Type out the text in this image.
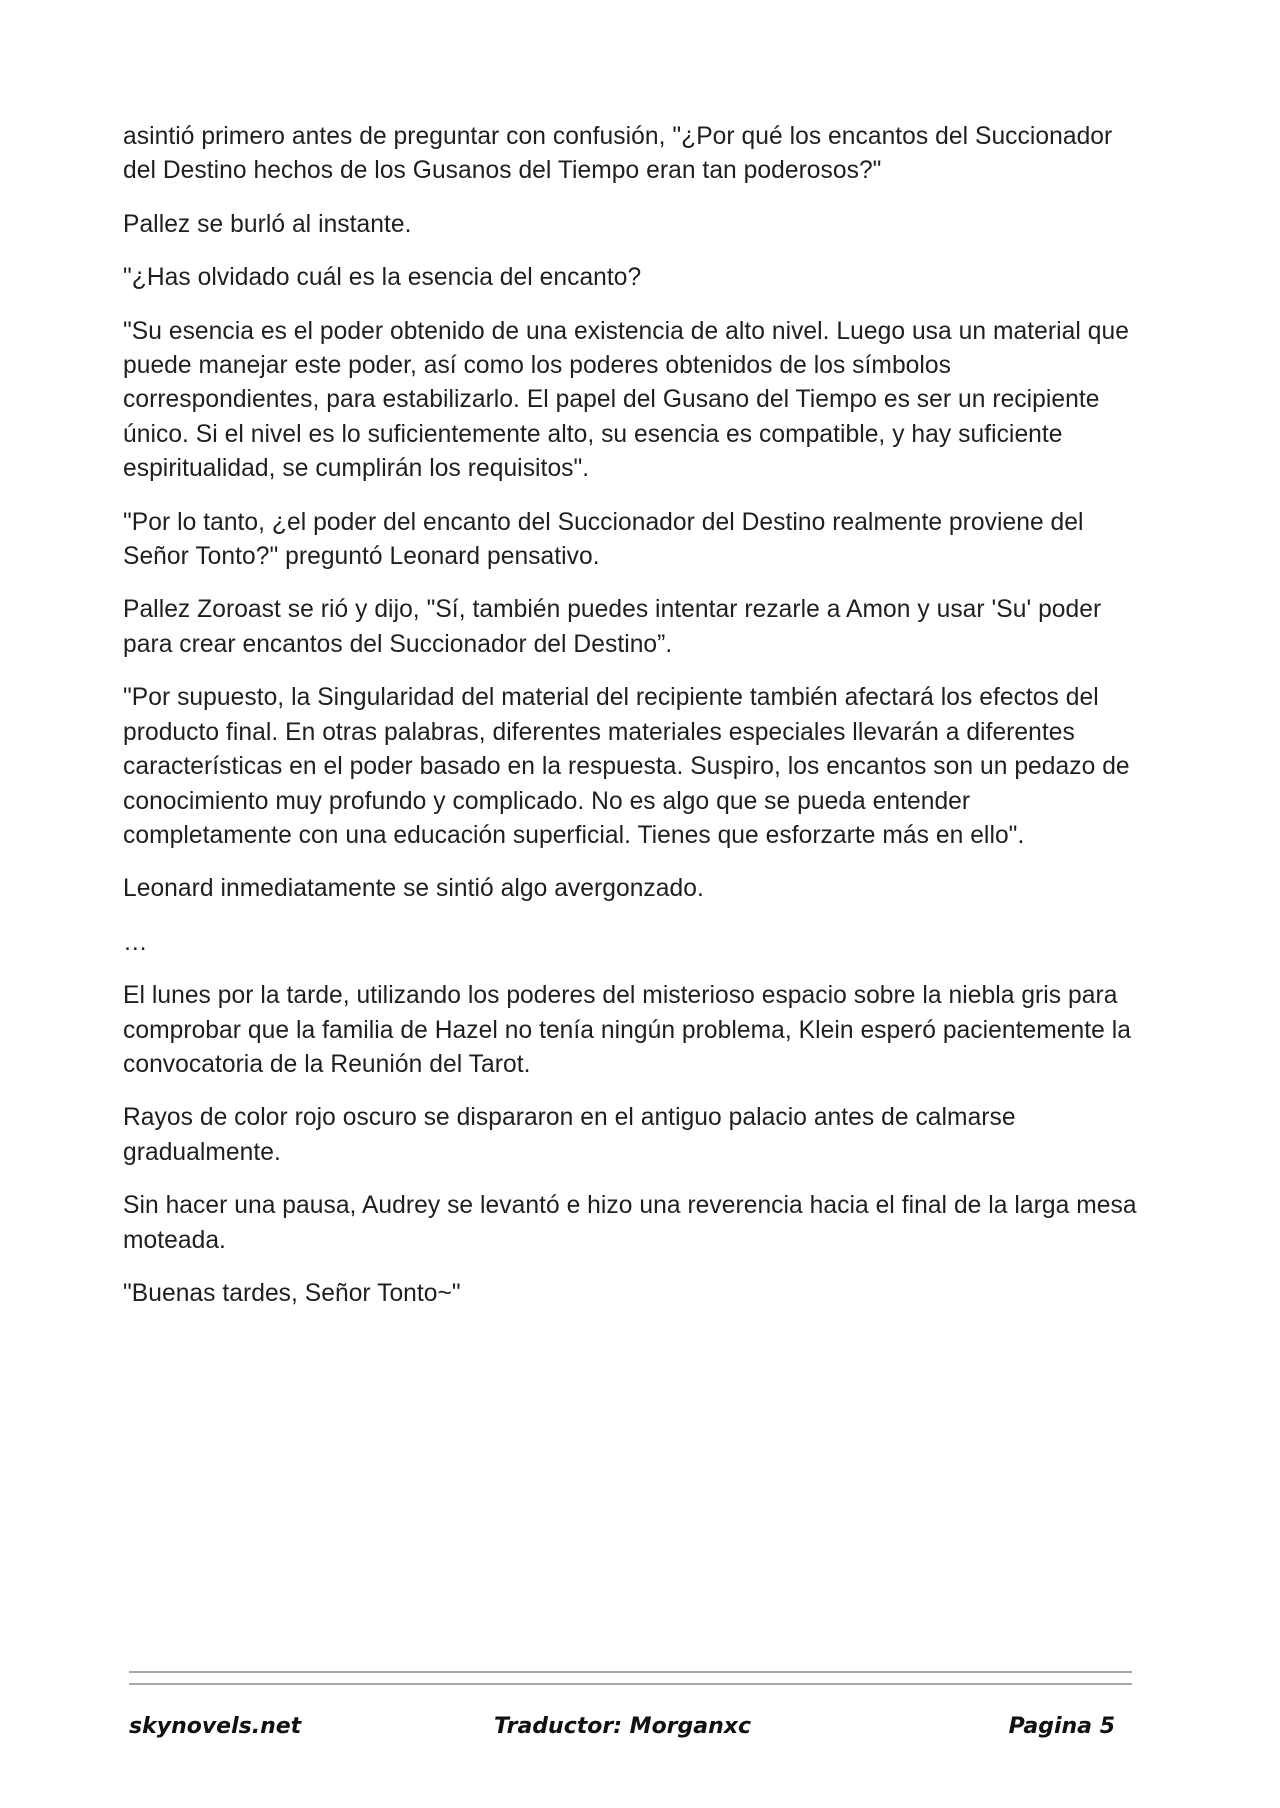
asintió primero antes de preguntar con confusión, "¿Por qué los encantos del Succionador del Destino hechos de los Gusanos del Tiempo eran tan poderosos?"

Pallez se burló al instante.

"¿Has olvidado cuál es la esencia del encanto?

"Su esencia es el poder obtenido de una existencia de alto nivel. Luego usa un material que puede manejar este poder, así como los poderes obtenidos de los símbolos correspondientes, para estabilizarlo. El papel del Gusano del Tiempo es ser un recipiente único. Si el nivel es lo suficientemente alto, su esencia es compatible, y hay suficiente espiritualidad, se cumplirán los requisitos".

"Por lo tanto, ¿el poder del encanto del Succionador del Destino realmente proviene del Señor Tonto?" preguntó Leonard pensativo.

Pallez Zoroast se rió y dijo, "Sí, también puedes intentar rezarle a Amon y usar 'Su' poder para crear encantos del Succionador del Destino”.

"Por supuesto, la Singularidad del material del recipiente también afectará los efectos del producto final. En otras palabras, diferentes materiales especiales llevarán a diferentes características en el poder basado en la respuesta. Suspiro, los encantos son un pedazo de conocimiento muy profundo y complicado. No es algo que se pueda entender completamente con una educación superficial. Tienes que esforzarte más en ello".

Leonard inmediatamente se sintió algo avergonzado.

…

El lunes por la tarde, utilizando los poderes del misterioso espacio sobre la niebla gris para comprobar que la familia de Hazel no tenía ningún problema, Klein esperó pacientemente la convocatoria de la Reunión del Tarot.

Rayos de color rojo oscuro se dispararon en el antiguo palacio antes de calmarse gradualmente.

Sin hacer una pausa, Audrey se levantó e hizo una reverencia hacia el final de la larga mesa moteada.

"Buenas tardes, Señor Tonto~"

skynovels.net	Traductor: Morganxc	Pagina 5
